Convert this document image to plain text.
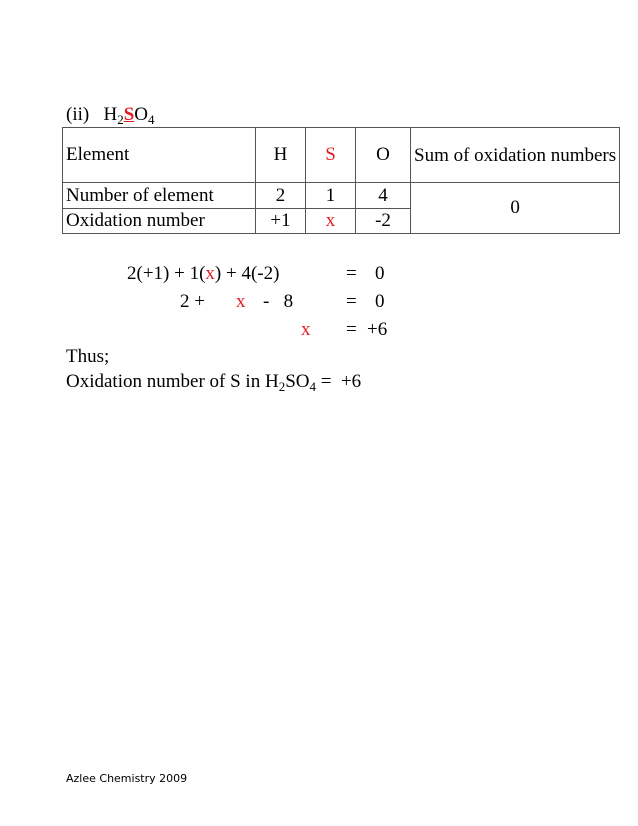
(ii) $H_2SO_4$
Element	H	S	O	Sum of oxidation numbers
Number of element	2	1	4	0
Oxidation number	+1	x	-2	
2(+1) + 1(x) + 4(-2)	= 0
2 + x -   8	= 0
x = +6
Thus;
Oxidation number of S in $H_2SO_4 = +6$
Azlee Chemistry 2009
